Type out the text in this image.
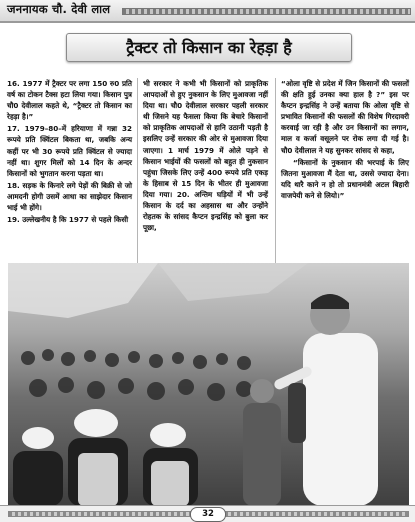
जननायक चौ. देवी लाल
ट्रैक्टर तो किसान का रेहड़ा है

16. 1977 में ट्रैक्टर पर लगा 150 रु0 प्रति वर्ष का टोकन टैक्स हटा लिया गया। किसान पुत्र चौ0 देवीलाल कहते थे, “ट्रैक्टर तो किसान का रेहड़ा है।”

17. 1979–80–में हरियाणा में गन्ना 32 रूपये प्रति क्विंटल बिकता था, जबकि अन्य कहीं पर भी 30 रूपये प्रति क्विंटल से ज्यादा नहीं था। शुगर मिलों को 14 दिन के अन्दर किसानों को भुगतान करना पड़ता था।

18. सड़क के किनारे लगे पेड़ों की बिक्री से जो आमदनी होगी उसमें आधा का साझेदार किसान भाई भी होंगे।

19. उल्लेखनीय है कि 1977 से पहले किसी

भी सरकार ने कभी भी किसानों को प्राकृतिक आपदाओं से हुए नुकसान के लिए मुआवजा नहीं दिया था। चौ0 देवीलाल सरकार पहली सरकार थी जिसने यह फैसला किया कि बेचारे किसानों को प्राकृतिक आपदाओं से हानि उठानी पड़ती है इसलिए उन्हें सरकार की ओर से मुआवजा दिया जाएगा। 1 मार्च 1979 में ओले पड़ने से किसान भाईयों की फसलों को बहुत ही नुकसान पहुंचा जिसके लिए उन्हें 400 रूपये प्रति एकड़ के हिसाब से 15 दिन के भीतर ही मुआवजा दिया गया। 20. अन्तिम घड़ियों में भी उन्हें किसान के दर्द का अहसास था और उन्होंने रोहतक के सांसद कैप्टन इन्द्रसिंह को बुला कर पूछा,

“ओला वृष्टि से प्रदेश में जिन किसानों की फसलों की क्षति हुई उनका क्या हाल है ?” इस पर कैप्टन इन्द्रसिंह ने उन्हें बताया कि ओला वृष्टि से प्रभावित किसानों की फसलों की विशेष गिरदावरी करवाई जा रही है और उन किसानों का लगान, माल व कर्जा वसूलने पर रोक लगा दी गई है। चौ0 देवीलाल ने यह सुनकर सांसद से कहा,

“किसानों के नुकसान की भरपाई के लिए जितना मुआवजा मैं देता था, उससे ज्यादा देना। यदि थारै काने न हो तो प्रधानमंत्री अटल बिहारी वाजपेयी कने से लियो।”

32
